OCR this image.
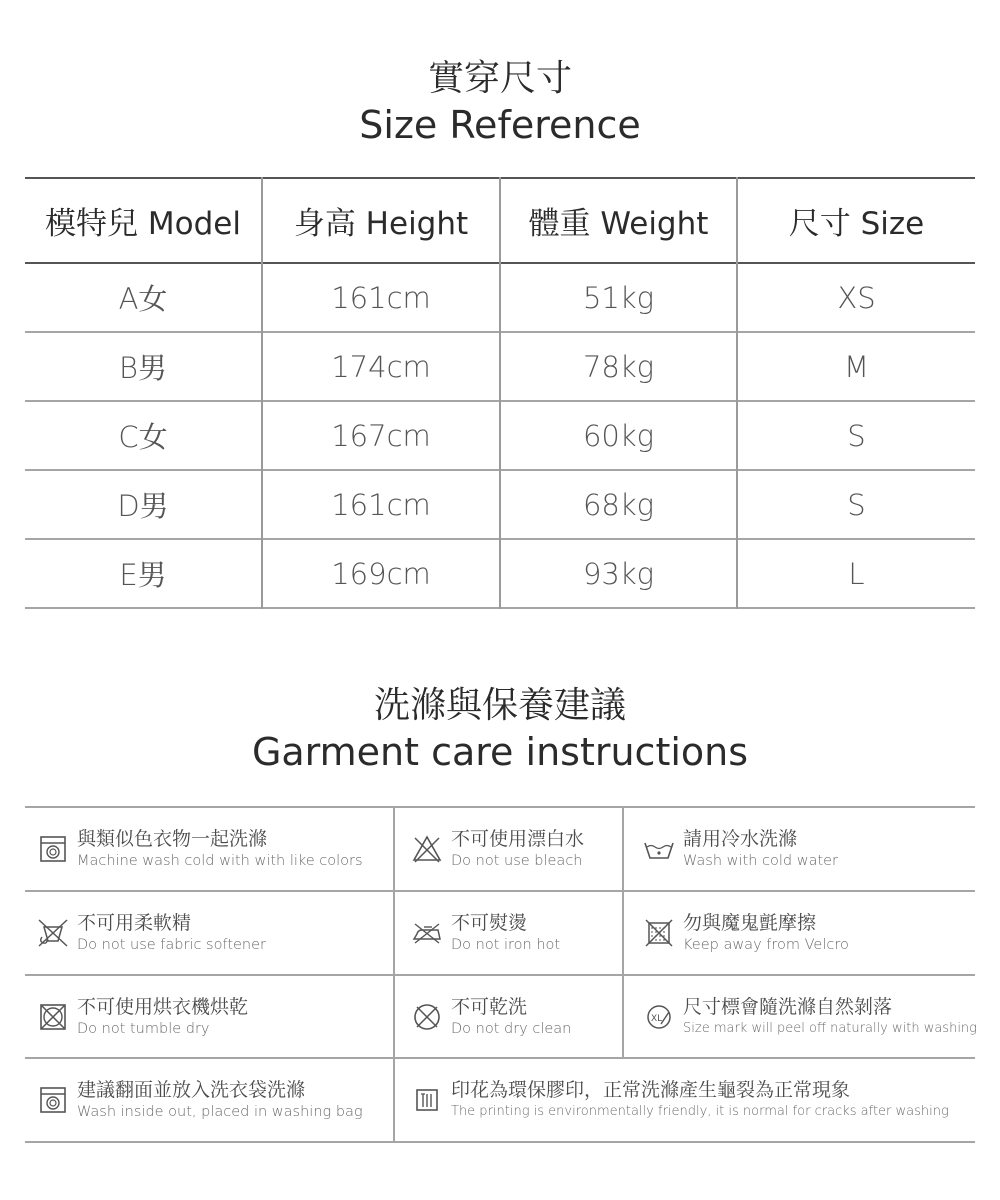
實穿尺寸
Size Reference
模特兒 Model	身高 Height	體重 Weight	尺寸 Size
A女	161cm	51kg	XS
B男	174cm	78kg	M
C女	167cm	60kg	S
D男	161cm	68kg	S
E男	169cm	93kg	L
洗滌與保養建議
Garment care instructions
與類似色衣物一起洗滌
Machine wash cold with with like colors
不可使用漂白水
Do not use bleach
請用冷水洗滌
Wash with cold water
不可用柔軟精
Do not use fabric softener
不可熨燙
Do not iron hot
勿與魔鬼氈摩擦
Keep away from Velcro
不可使用烘衣機烘乾
Do not tumble dry
不可乾洗
Do not dry clean
XL
尺寸標會隨洗滌自然剝落
Size mark will peel off naturally with washing
建議翻面並放入洗衣袋洗滌
Wash inside out, placed in washing bag
印花為環保膠印，正常洗滌產生龜裂為正常現象
The printing is environmentally friendly, it is normal for cracks after washing
